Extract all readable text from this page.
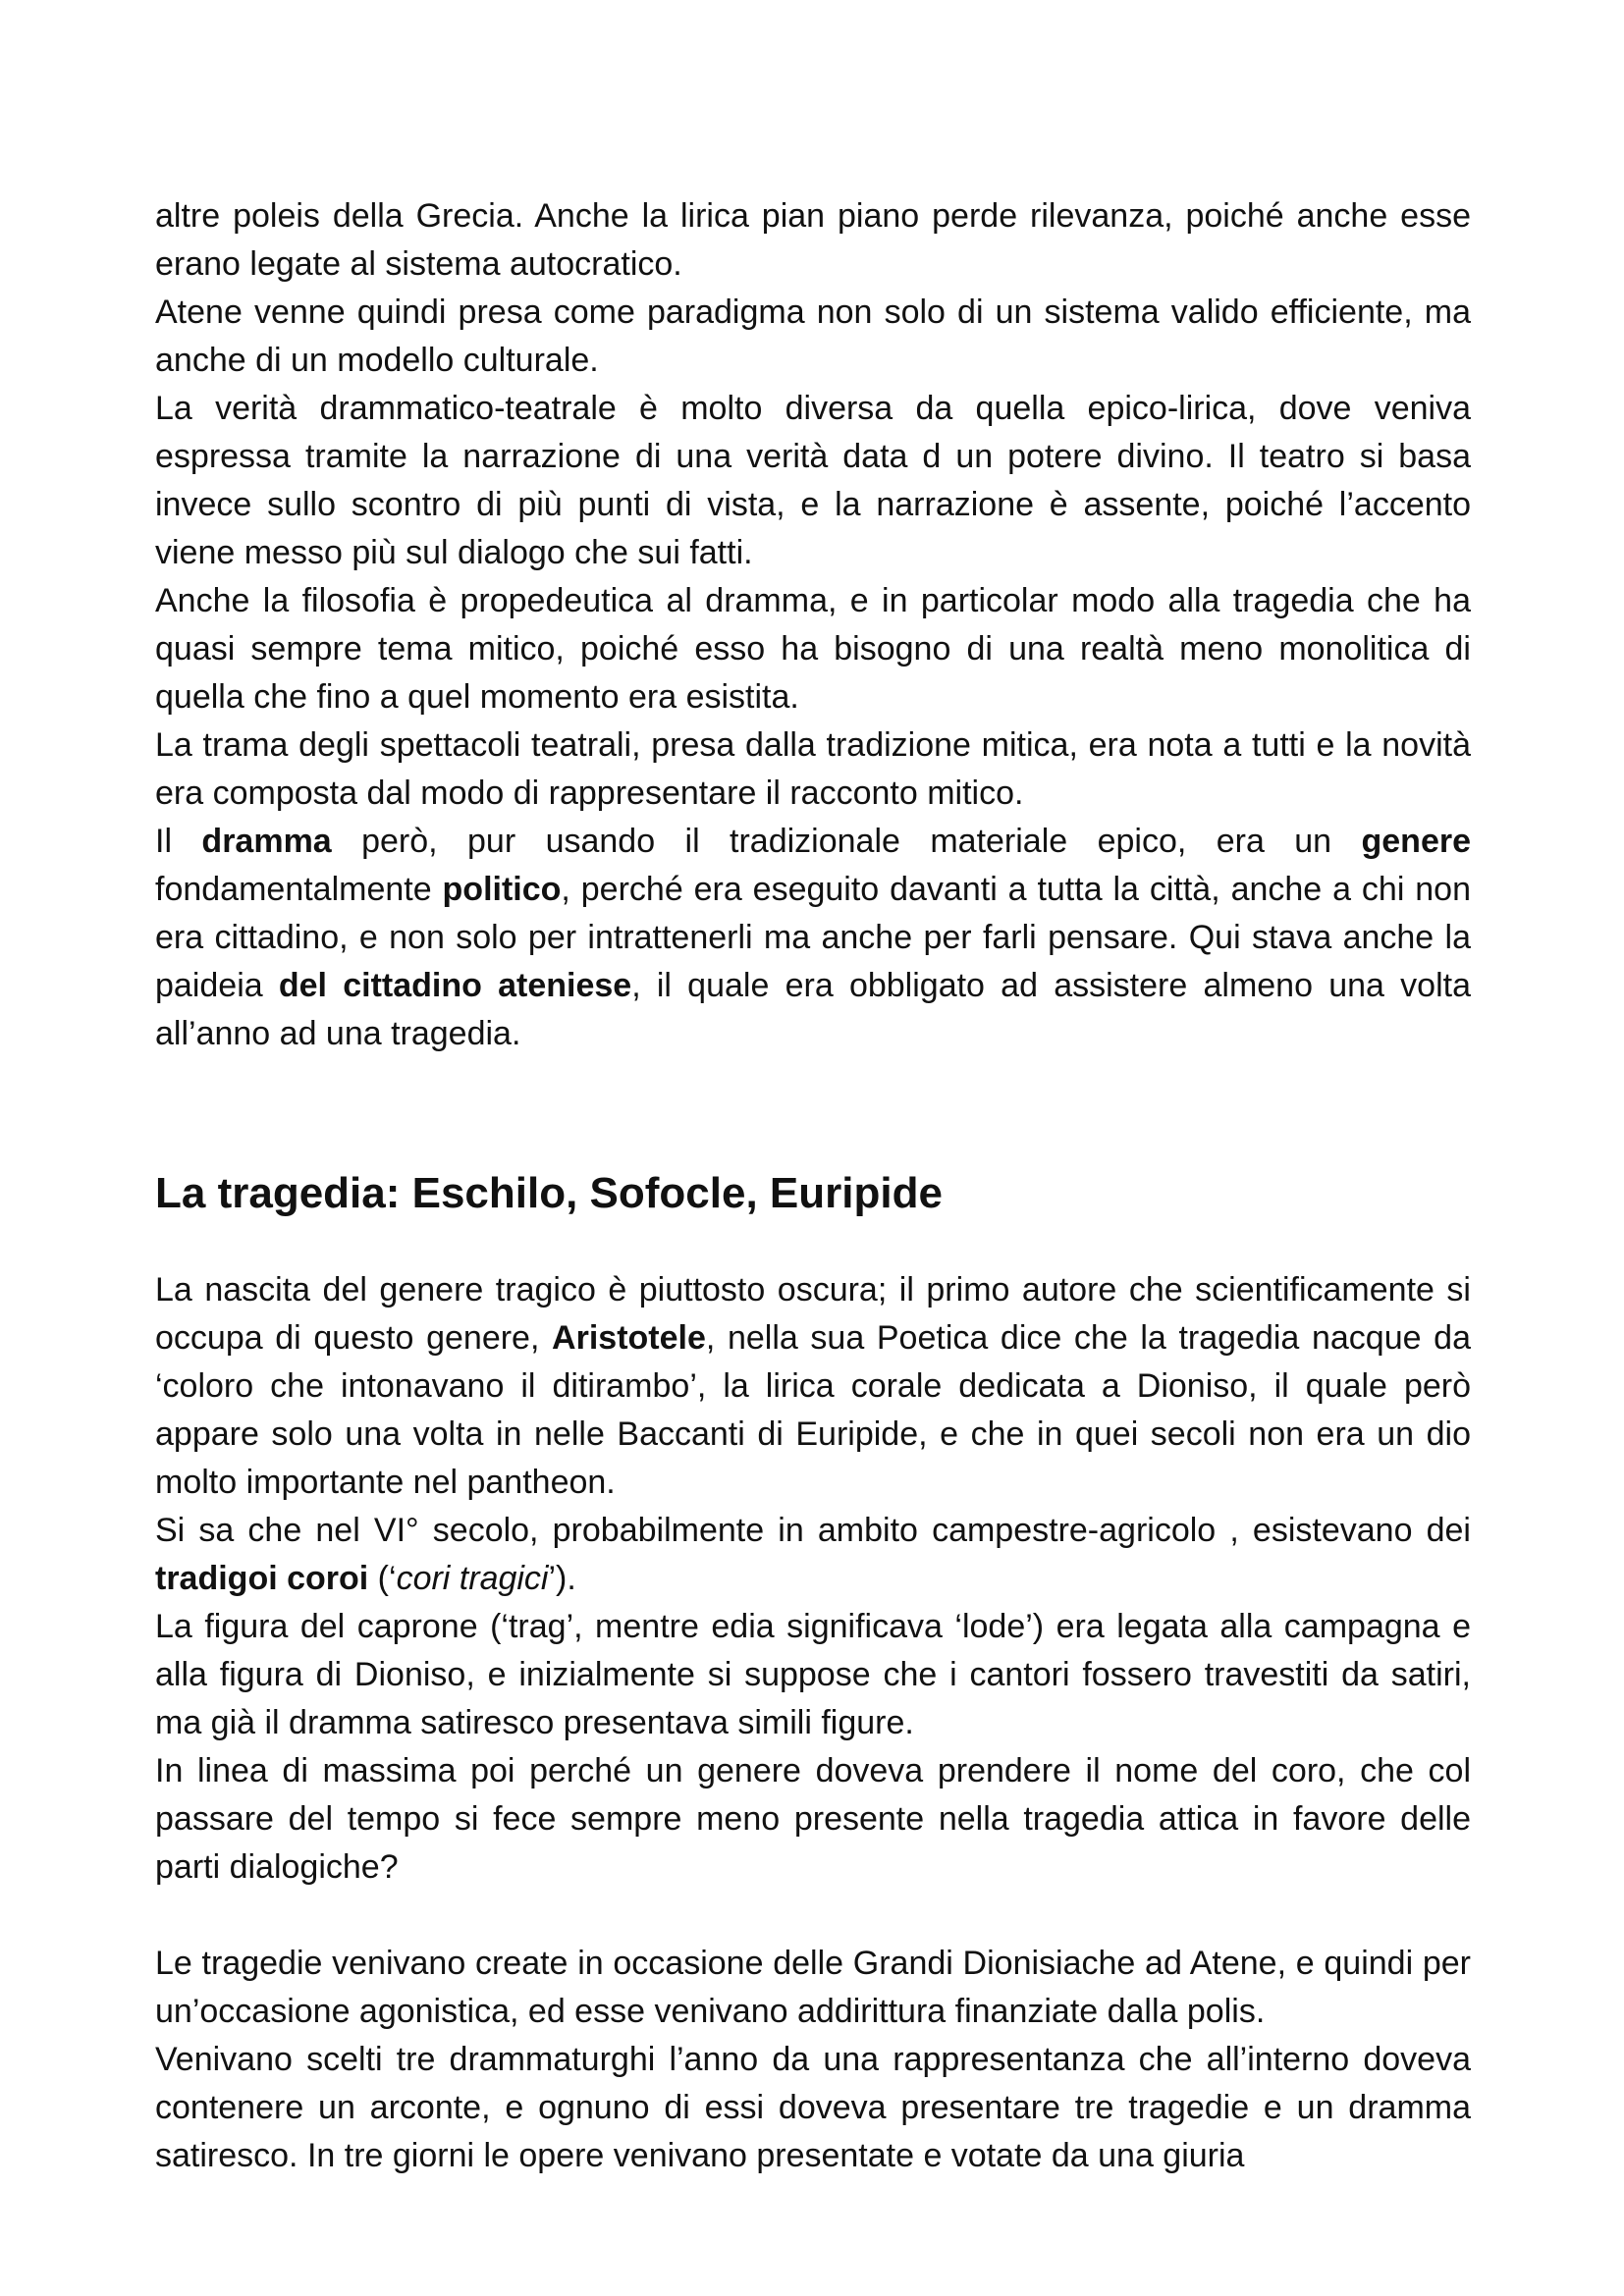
altre poleis della Grecia. Anche la lirica pian piano perde rilevanza, poiché anche esse erano legate al sistema autocratico.

Atene venne quindi presa come paradigma non solo di un sistema valido efficiente, ma anche di un modello culturale.

La verità drammatico-teatrale è molto diversa da quella epico-lirica, dove veniva espressa tramite la narrazione di una verità data d un potere divino. Il teatro si basa invece sullo scontro di più punti di vista, e la narrazione è assente, poiché l’accento viene messo più sul dialogo che sui fatti.

Anche la filosofia è propedeutica al dramma, e in particolar modo alla tragedia che ha quasi sempre tema mitico, poiché esso ha bisogno di una realtà meno monolitica di quella che fino a quel momento era esistita.

La trama degli spettacoli teatrali, presa dalla tradizione mitica, era nota a tutti e la novità era composta dal modo di rappresentare il racconto mitico.

Il dramma però, pur usando il tradizionale materiale epico, era un genere fondamentalmente politico, perché era eseguito davanti a tutta la città, anche a chi non era cittadino, e non solo per intrattenerli ma anche per farli pensare. Qui stava anche la paideia del cittadino ateniese, il quale era obbligato ad assistere almeno una volta all’anno ad una tragedia.

La tragedia: Eschilo, Sofocle, Euripide

La nascita del genere tragico è piuttosto oscura; il primo autore che scientificamente si occupa di questo genere, Aristotele, nella sua Poetica dice che la tragedia nacque da ‘coloro che intonavano il ditirambo’, la lirica corale dedicata a Dioniso, il quale però appare solo una volta in nelle Baccanti di Euripide, e che in quei secoli non era un dio molto importante nel pantheon.

Si sa che nel VI° secolo, probabilmente in ambito campestre-agricolo , esistevano dei tradigoi coroi (‘cori tragici’).

La figura del caprone (‘trag’, mentre edia significava ‘lode’) era legata alla campagna e alla figura di Dioniso, e inizialmente si suppose che i cantori fossero travestiti da satiri, ma già il dramma satiresco presentava simili figure.

In linea di massima poi perché un genere doveva prendere il nome del coro, che col passare del tempo si fece sempre meno presente nella tragedia attica in favore delle parti dialogiche?

Le tragedie venivano create in occasione delle Grandi Dionisiache ad Atene, e quindi per un’occasione agonistica, ed esse venivano addirittura finanziate dalla polis.

Venivano scelti tre drammaturghi l’anno da una rappresentanza che all’interno doveva contenere un arconte, e ognuno di essi doveva presentare tre tragedie e un dramma satiresco. In tre giorni le opere venivano presentate e votate da una giuria
